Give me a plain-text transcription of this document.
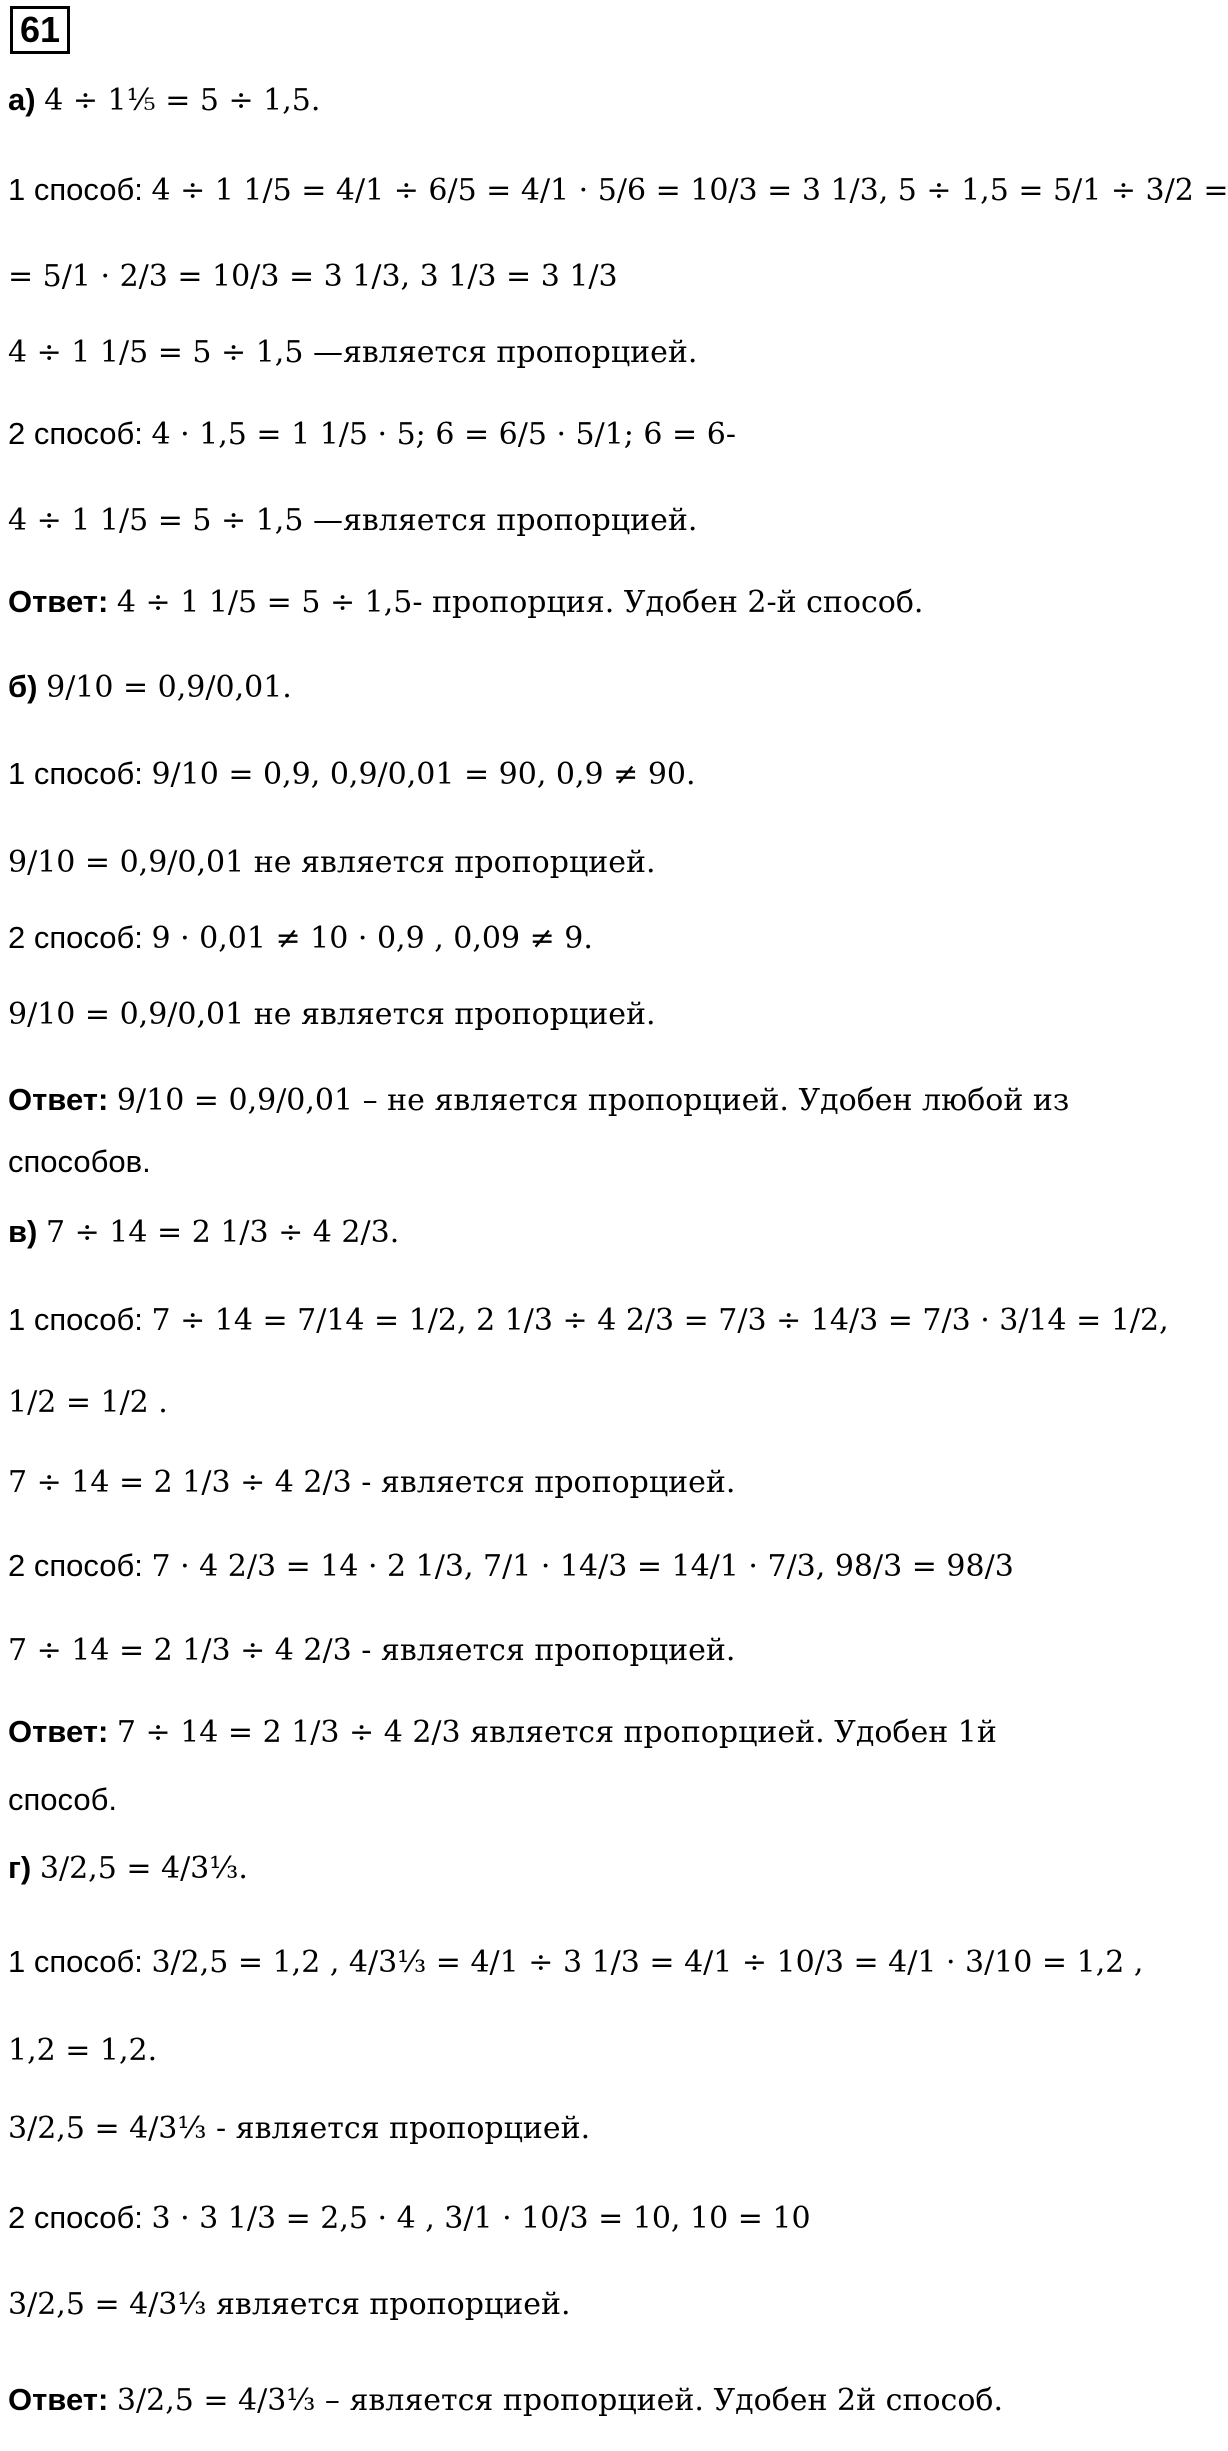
61
а) 4 ÷ 1⅕ = 5 ÷ 1,5.
1 способ: 4 ÷ 1 1/5 = 4/1 ÷ 6/5 = 4/1 · 5/6 = 10/3 = 3 1/3, 5 ÷ 1,5 = 5/1 ÷ 3/2 =
= 5/1 · 2/3 = 10/3 = 3 1/3, 3 1/3 = 3 1/3
4 ÷ 1 1/5 = 5 ÷ 1,5 —является пропорцией.
2 способ: 4 · 1,5 = 1 1/5 · 5; 6 = 6/5 · 5/1; 6 = 6-
4 ÷ 1 1/5 = 5 ÷ 1,5 —является пропорцией.
Ответ: 4 ÷ 1 1/5 = 5 ÷ 1,5- пропорция. Удобен 2-й способ.
б) 9/10 = 0,9/0,01.
1 способ: 9/10 = 0,9, 0,9/0,01 = 90, 0,9 ≠ 90.
9/10 = 0,9/0,01 не является пропорцией.
2 способ: 9 · 0,01 ≠ 10 · 0,9 , 0,09 ≠ 9.
9/10 = 0,9/0,01 не является пропорцией.
Ответ: 9/10 = 0,9/0,01 – не является пропорцией. Удобен любой из
способов.
в) 7 ÷ 14 = 2 1/3 ÷ 4 2/3.
1 способ: 7 ÷ 14 = 7/14 = 1/2, 2 1/3 ÷ 4 2/3 = 7/3 ÷ 14/3 = 7/3 · 3/14 = 1/2,
1/2 = 1/2 .
7 ÷ 14 = 2 1/3 ÷ 4 2/3 - является пропорцией.
2 способ: 7 · 4 2/3 = 14 · 2 1/3, 7/1 · 14/3 = 14/1 · 7/3, 98/3 = 98/3
7 ÷ 14 = 2 1/3 ÷ 4 2/3 - является пропорцией.
Ответ: 7 ÷ 14 = 2 1/3 ÷ 4 2/3 является пропорцией. Удобен 1й
способ.
г) 3/2,5 = 4/3⅓.
1 способ: 3/2,5 = 1,2 , 4/3⅓ = 4/1 ÷ 3 1/3 = 4/1 ÷ 10/3 = 4/1 · 3/10 = 1,2 ,
1,2 = 1,2.
3/2,5 = 4/3⅓ - является пропорцией.
2 способ: 3 · 3 1/3 = 2,5 · 4 , 3/1 · 10/3 = 10, 10 = 10
3/2,5 = 4/3⅓ является пропорцией.
Ответ: 3/2,5 = 4/3⅓ – является пропорцией. Удобен 2й способ.
